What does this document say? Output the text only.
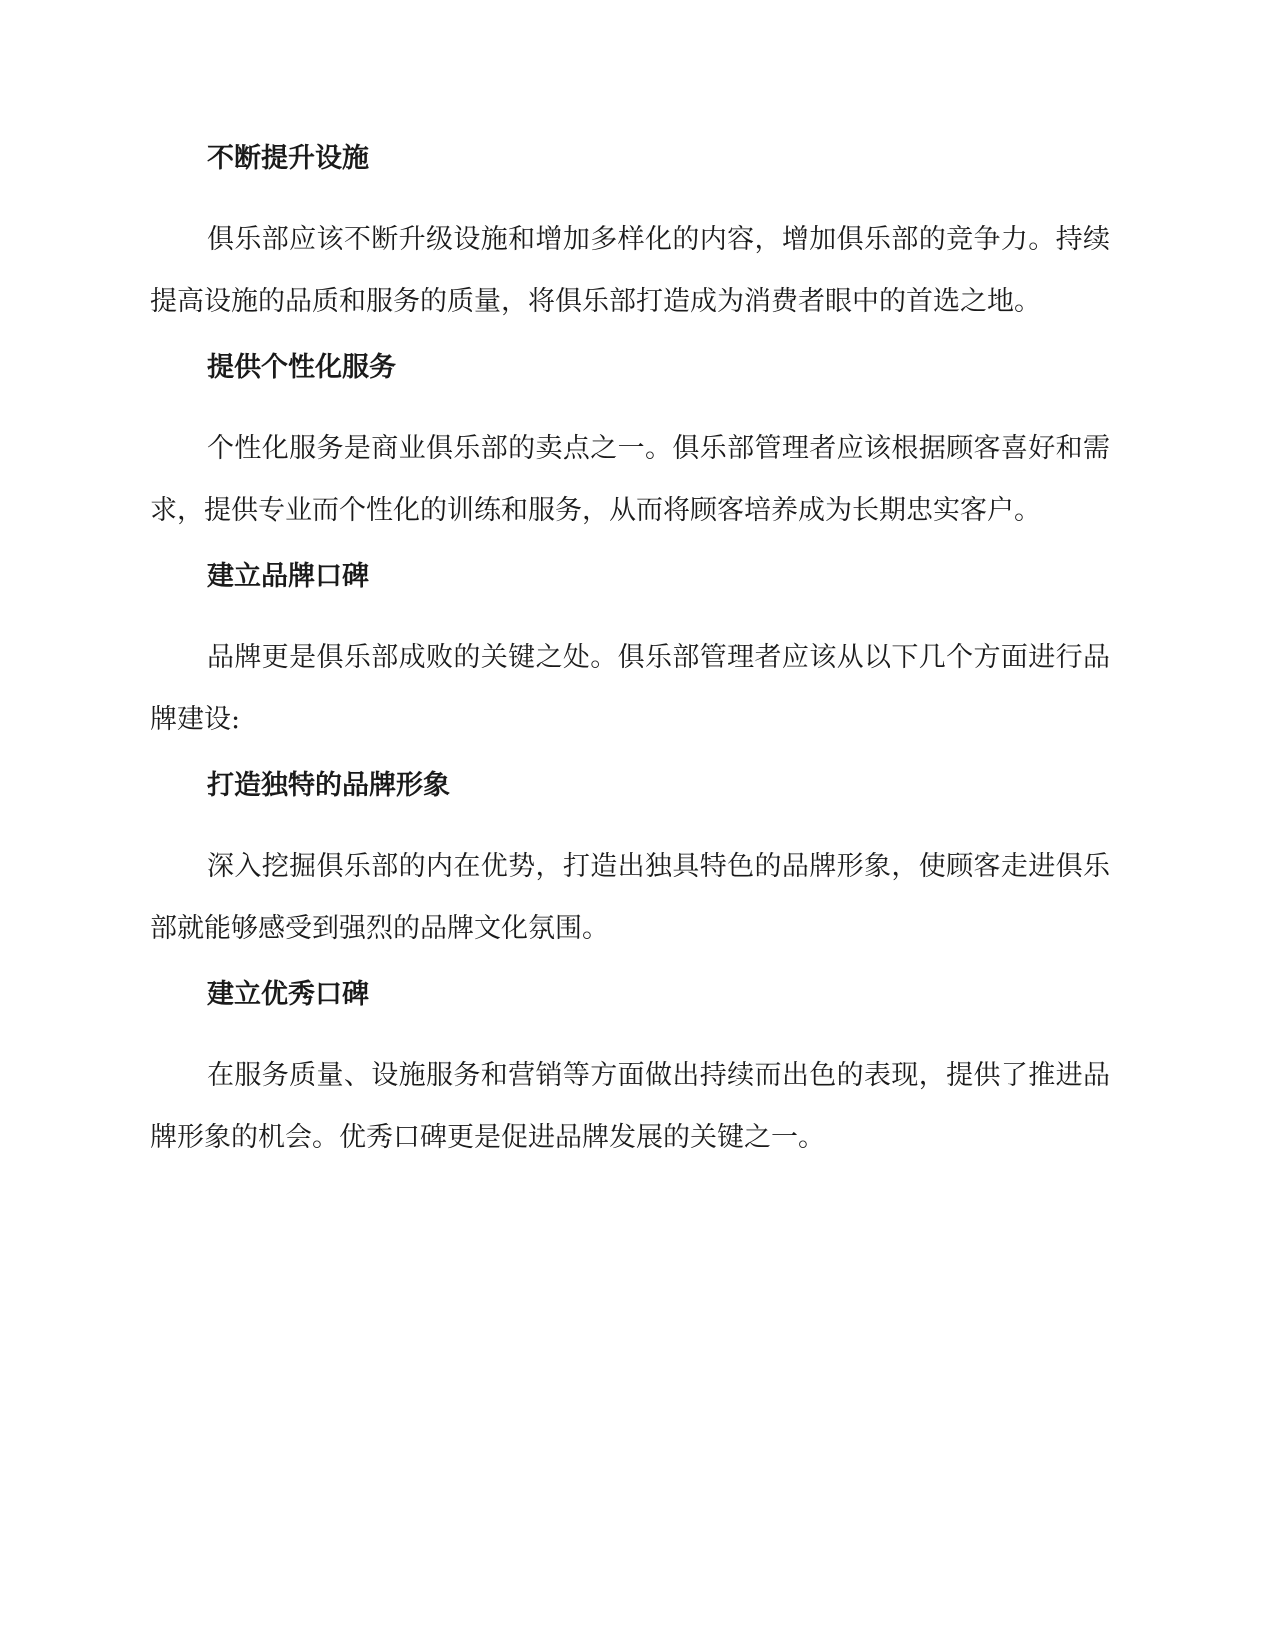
不断提升设施

俱乐部应该不断升级设施和增加多样化的内容，增加俱乐部的竞争力。持续提高设施的品质和服务的质量，将俱乐部打造成为消费者眼中的首选之地。

提供个性化服务

个性化服务是商业俱乐部的卖点之一。俱乐部管理者应该根据顾客喜好和需求，提供专业而个性化的训练和服务，从而将顾客培养成为长期忠实客户。

建立品牌口碑

品牌更是俱乐部成败的关键之处。俱乐部管理者应该从以下几个方面进行品牌建设:

打造独特的品牌形象

深入挖掘俱乐部的内在优势，打造出独具特色的品牌形象，使顾客走进俱乐部就能够感受到强烈的品牌文化氛围。

建立优秀口碑

在服务质量、设施服务和营销等方面做出持续而出色的表现，提供了推进品牌形象的机会。优秀口碑更是促进品牌发展的关键之一。
